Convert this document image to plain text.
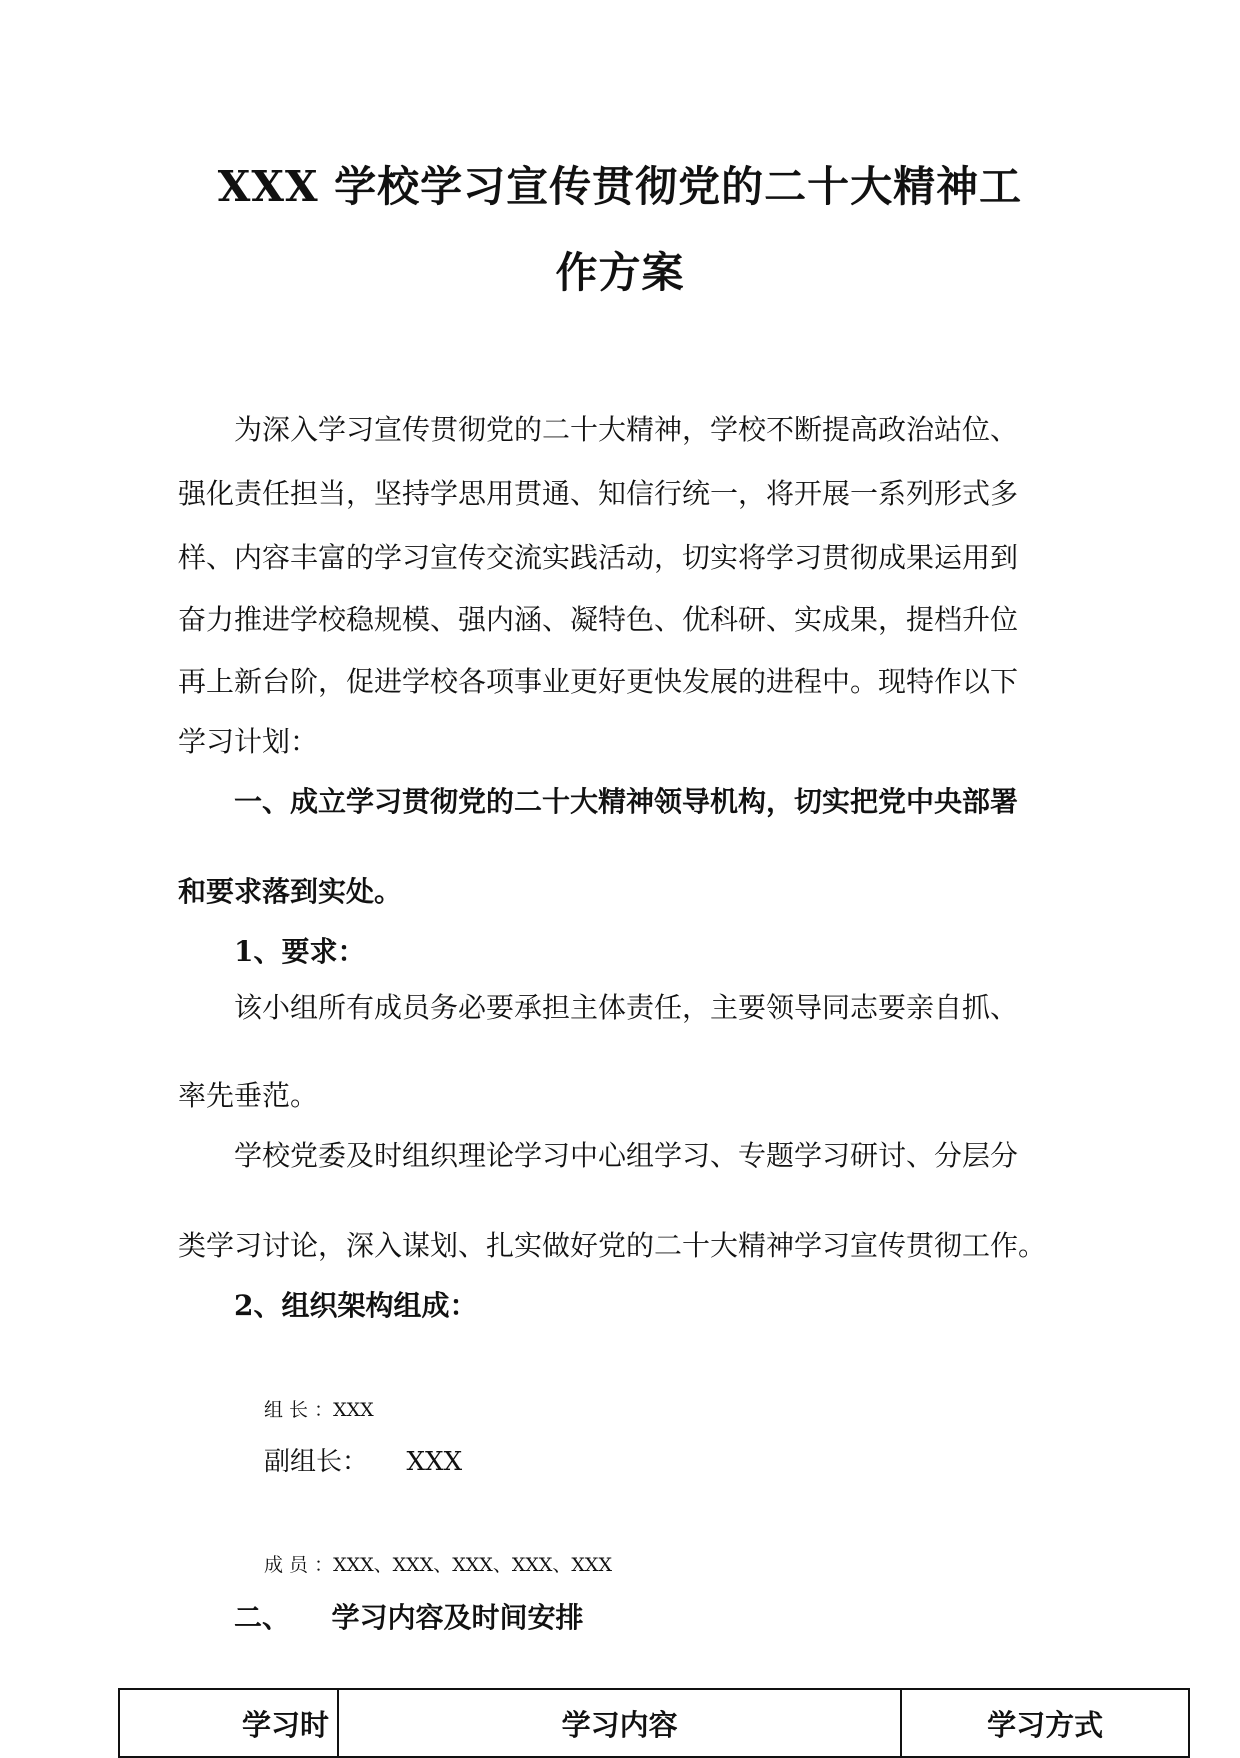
XXX 学校学习宣传贯彻党的二十大精神工
作方案

为深入学习宣传贯彻党的二十大精神，学校不断提高政治站位、

强化责任担当，坚持学思用贯通、知信行统一，将开展一系列形式多

样、内容丰富的学习宣传交流实践活动，切实将学习贯彻成果运用到

奋力推进学校稳规模、强内涵、凝特色、优科研、实成果，提档升位

再上新台阶，促进学校各项事业更好更快发展的进程中。现特作以下

学习计划：

一、成立学习贯彻党的二十大精神领导机构，切实把党中央部署

和要求落到实处。

1、要求：

该小组所有成员务必要承担主体责任，主要领导同志要亲自抓、

率先垂范。

学校党委及时组织理论学习中心组学习、专题学习研讨、分层分

类学习讨论，深入谋划、扎实做好党的二十大精神学习宣传贯彻工作。

2、组织架构组成：

组 长 ：XXX

副组长： XXX

成 员 ：XXX、XXX、XXX、XXX、XXX

二、 学习内容及时间安排

学习时	学习内容	学习方式
